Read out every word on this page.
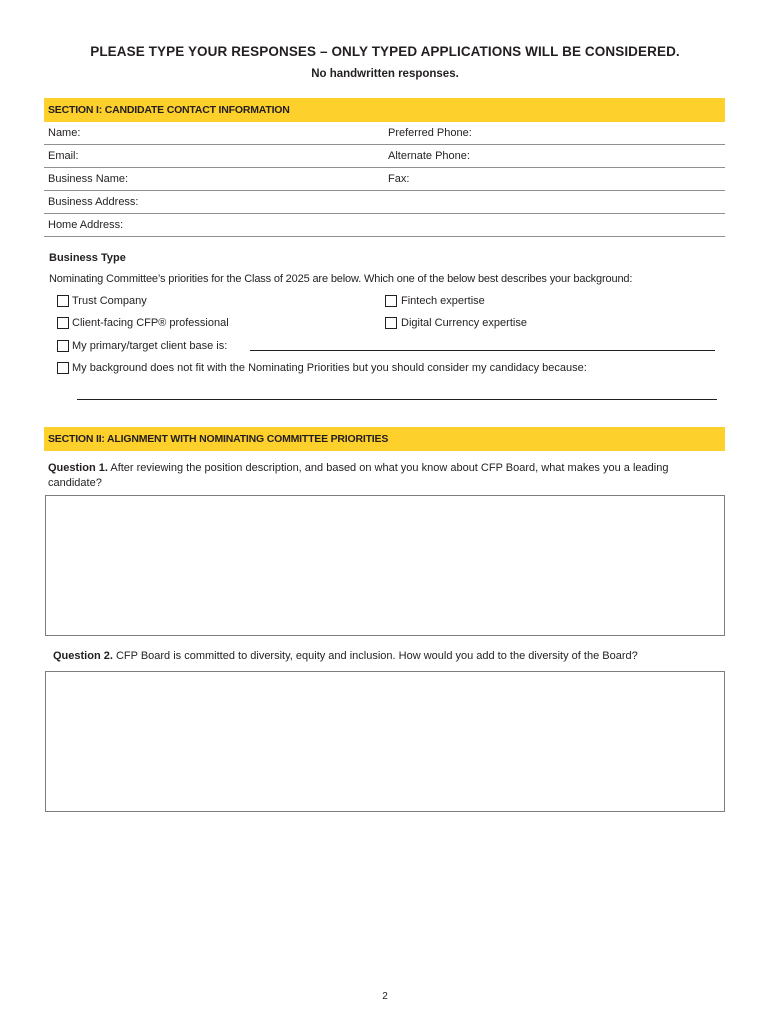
PLEASE TYPE YOUR RESPONSES – ONLY TYPED APPLICATIONS WILL BE CONSIDERED.
No handwritten responses.
SECTION I: CANDIDATE CONTACT INFORMATION
Name:	Preferred Phone:
Email:	Alternate Phone:
Business Name:	Fax:
Business Address:
Home Address:
Business Type
Nominating Committee’s priorities for the Class of 2025 are below. Which one of the below best describes your background:
Trust Company	Fintech expertise
Client-facing CFP® professional	Digital Currency expertise
My primary/target client base is:
My background does not fit with the Nominating Priorities but you should consider my candidacy because:
SECTION II: ALIGNMENT WITH NOMINATING COMMITTEE PRIORITIES
Question 1. After reviewing the position description, and based on what you know about CFP Board, what makes you a leading candidate?
Question 2. CFP Board is committed to diversity, equity and inclusion. How would you add to the diversity of the Board?
2
